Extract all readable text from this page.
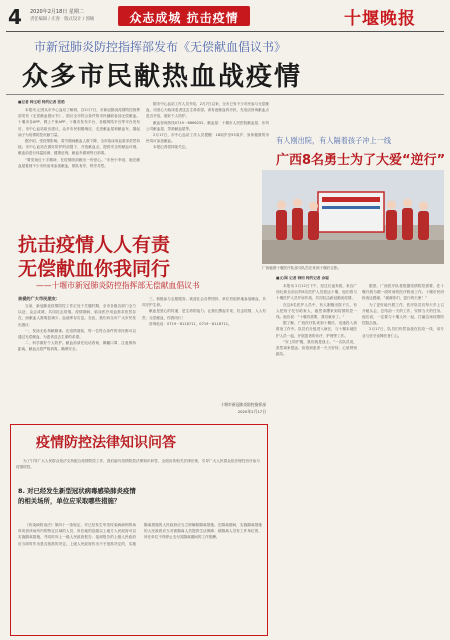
4 2020年2月18日 星期二
责任编辑 / 庄春　版式设计 / 郭楠	众志成城 抗击疫情	十堰晚报
市新冠肺炎防控指挥部发布《无偿献血倡议书》
众多市民献热血战疫情
■记者 韩玉明 特约记者 张艳

本报讯 记者从市中心血站了解到，自2月7日，市新冠肺炎疫情防控指挥部发布《无偿献血倡议书》，倡议全市符合条件的市民踊跃参加无偿献血。十堰市各APP、网上千家APP、十堰市发布平台、各级网络平台等平台发布后，市中心血站给出建议，众多市民积极响应，走进献血屋和献血车，撸起袖子为疫情防控贡献力量。

据介绍，受疫情影响，春节期间献血人数下降，全市临床用血需求依然持续。市中心血站在做好防护的前提下，开放献血点，提供安全的献血环境，献血前进行体温检测、健康征询，献血车做到每日消毒。

“要发扬红十字精神，在疫情面前献出一份爱心。”市民小李说，她在献血屋看到不少市民前来参加献血，排队有序，秩序井然。

据市中心血站工作人员介绍，2月7日以来，全市已有不少市民参与无偿献血，用爱心为临床患者送去生命希望。请有意献血的市民，先电话咨询献血点是否开放，做好个人防护。

献血咨询热线0719－8666252，献血屋：十堰市人民医院献血屋、东风公司献血屋、茅箭献血屋等。

2月17日，市中心血站工作人员提醒：18周岁至55周岁、身体健康的市民均可参加献血。

本报记者将持续关注。

有人刚出院，有人隔着孩子冲上一线
广西8名勇士为了大爱“逆行”
广西驰援十堰医疗队部分队员在来到十堰后合影。
■文/图 记者 韩钧 特约记者 佘聪

本报讯 2月12日下午，经过长途奔波，来自广西壮族自治区的8名医护人员抵达十堰，他们将与十堰医护人员并肩作战，共同抗击新冠肺炎疫情。

在这8名医护人员中，有人刚刚出院不久，有人把孩子托付给家人，毅然请缨来到疫情防控一线。他们说：“十堰有需要，我们就来了。”

据了解，广西医疗队来到十堰后，迅速投入到救治工作中。队员们分组进入病区，与十堰本地医护人员一起，开展患者的诊疗、护理等工作。

“穿上防护服，我们就是战士。”一名队员说，虽然离家很远，但看到患者一天天好转，心里特别踏实。

据悉，广西医疗队将根据疫情防控需要，在十堰开展为期一段时间的医疗救治工作。十堰市民纷纷表达感谢，“谢谢你们，逆行的天使！”

为了更好地开展工作，医疗队员们每天早上召开碰头会，总结前一天的工作，安排当天的任务。他们说，一定要与十堰人民一起，打赢这场疫情防控阻击战。

2月17日，队员们仍然奋战在抗疫一线，用专业与坚守诠释医者仁心。

抗击疫情人人有责
无偿献血你我同行
——十堰市新冠肺炎防控指挥部无偿献血倡议书
亲爱的广大市民朋友：

当前，新冠肺炎疫情防控工作正处于关键时期，全市各级各部门全力以赴，众志成城，共同抗击疫情。疫情期间，临床医疗用血需求依然存在，而献血人数明显减少，血液库存告急。在此，我们向全市广大市民发出倡议：

一、发扬无私奉献精神。在疫情面前，每一位符合条件的市民都可以通过无偿献血，为患者送去生命的希望。

二、科学做好个人防护。献血前请先电话咨询，佩戴口罩，注意保持距离，献血点将严格消毒，确保安全。

三、积极参与志愿服务。欢迎社会各界团体、单位有组织地参加献血，共同守护生命。

献血是爱心的传递，是生命的接力。让我们携起手来，抗击疫情，人人有责；无偿献血，你我同行！

咨询电话：0719－8118711，0719－8118711。

十堰市新冠肺炎防控指挥部
2020年2月17日
疫情防控法律知识问答
为了引导广大人民群众依法支持配合疫情防控工作，我们编写疫情防控法律知识问答，全面宣传相关法律法规，引导广大人民群众依法理性有序参与疫情防控。
8. 对已经发生新型冠状病毒感染肺炎疫情的相关场所，单位应采取哪些措施？
《传染病防治法》第四十一条规定，对已经发生甲类传染病病例的场所或者该场所内的特定区域的人员，所在地的县级以上地方人民政府可以实施隔离措施，并同时向上一级人民政府报告；接到报告的上级人民政府应当即时作出是否批准的决定。上级人民政府作出不予批准决定的，实施隔离措施的人民政府应当立即解除隔离措施。在隔离期间，实施隔离措施的人民政府应当对被隔离人员提供生活保障；被隔离人员有工作单位的，所在单位不得停止支付其隔离期间的工作报酬。
